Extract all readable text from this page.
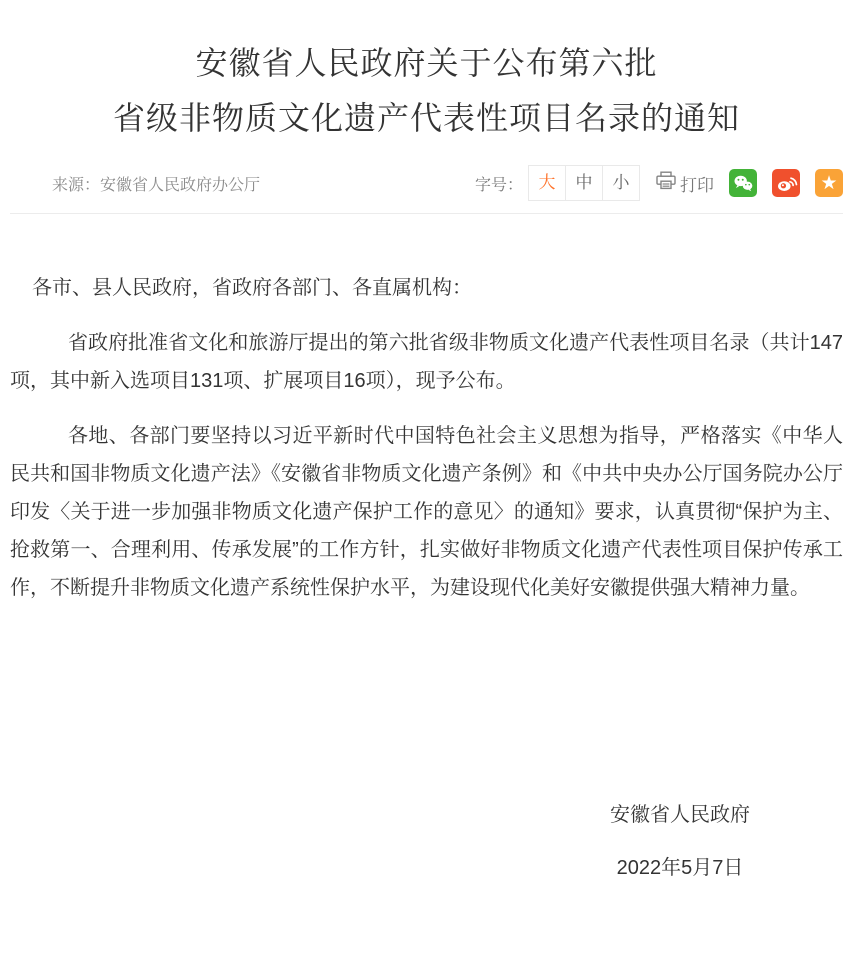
安徽省人民政府关于公布第六批
省级非物质文化遗产代表性项目名录的通知
来源：安徽省人民政府办公厅	字号： 大	中	小	打印	★

各市、县人民政府，省政府各部门、各直属机构：

省政府批准省文化和旅游厅提出的第六批省级非物质文化遗产代表性项目名录（共计147项，其中新入选项目131项、扩展项目16项），现予公布。

各地、各部门要坚持以习近平新时代中国特色社会主义思想为指导，严格落实《中华人民共和国非物质文化遗产法》《安徽省非物质文化遗产条例》和《中共中央办公厅国务院办公厅印发〈关于进一步加强非物质文化遗产保护工作的意见〉的通知》要求，认真贯彻“保护为主、抢救第一、合理利用、传承发展”的工作方针，扎实做好非物质文化遗产代表性项目保护传承工作，不断提升非物质文化遗产系统性保护水平，为建设现代化美好安徽提供强大精神力量。

安徽省人民政府
2022年5月7日
